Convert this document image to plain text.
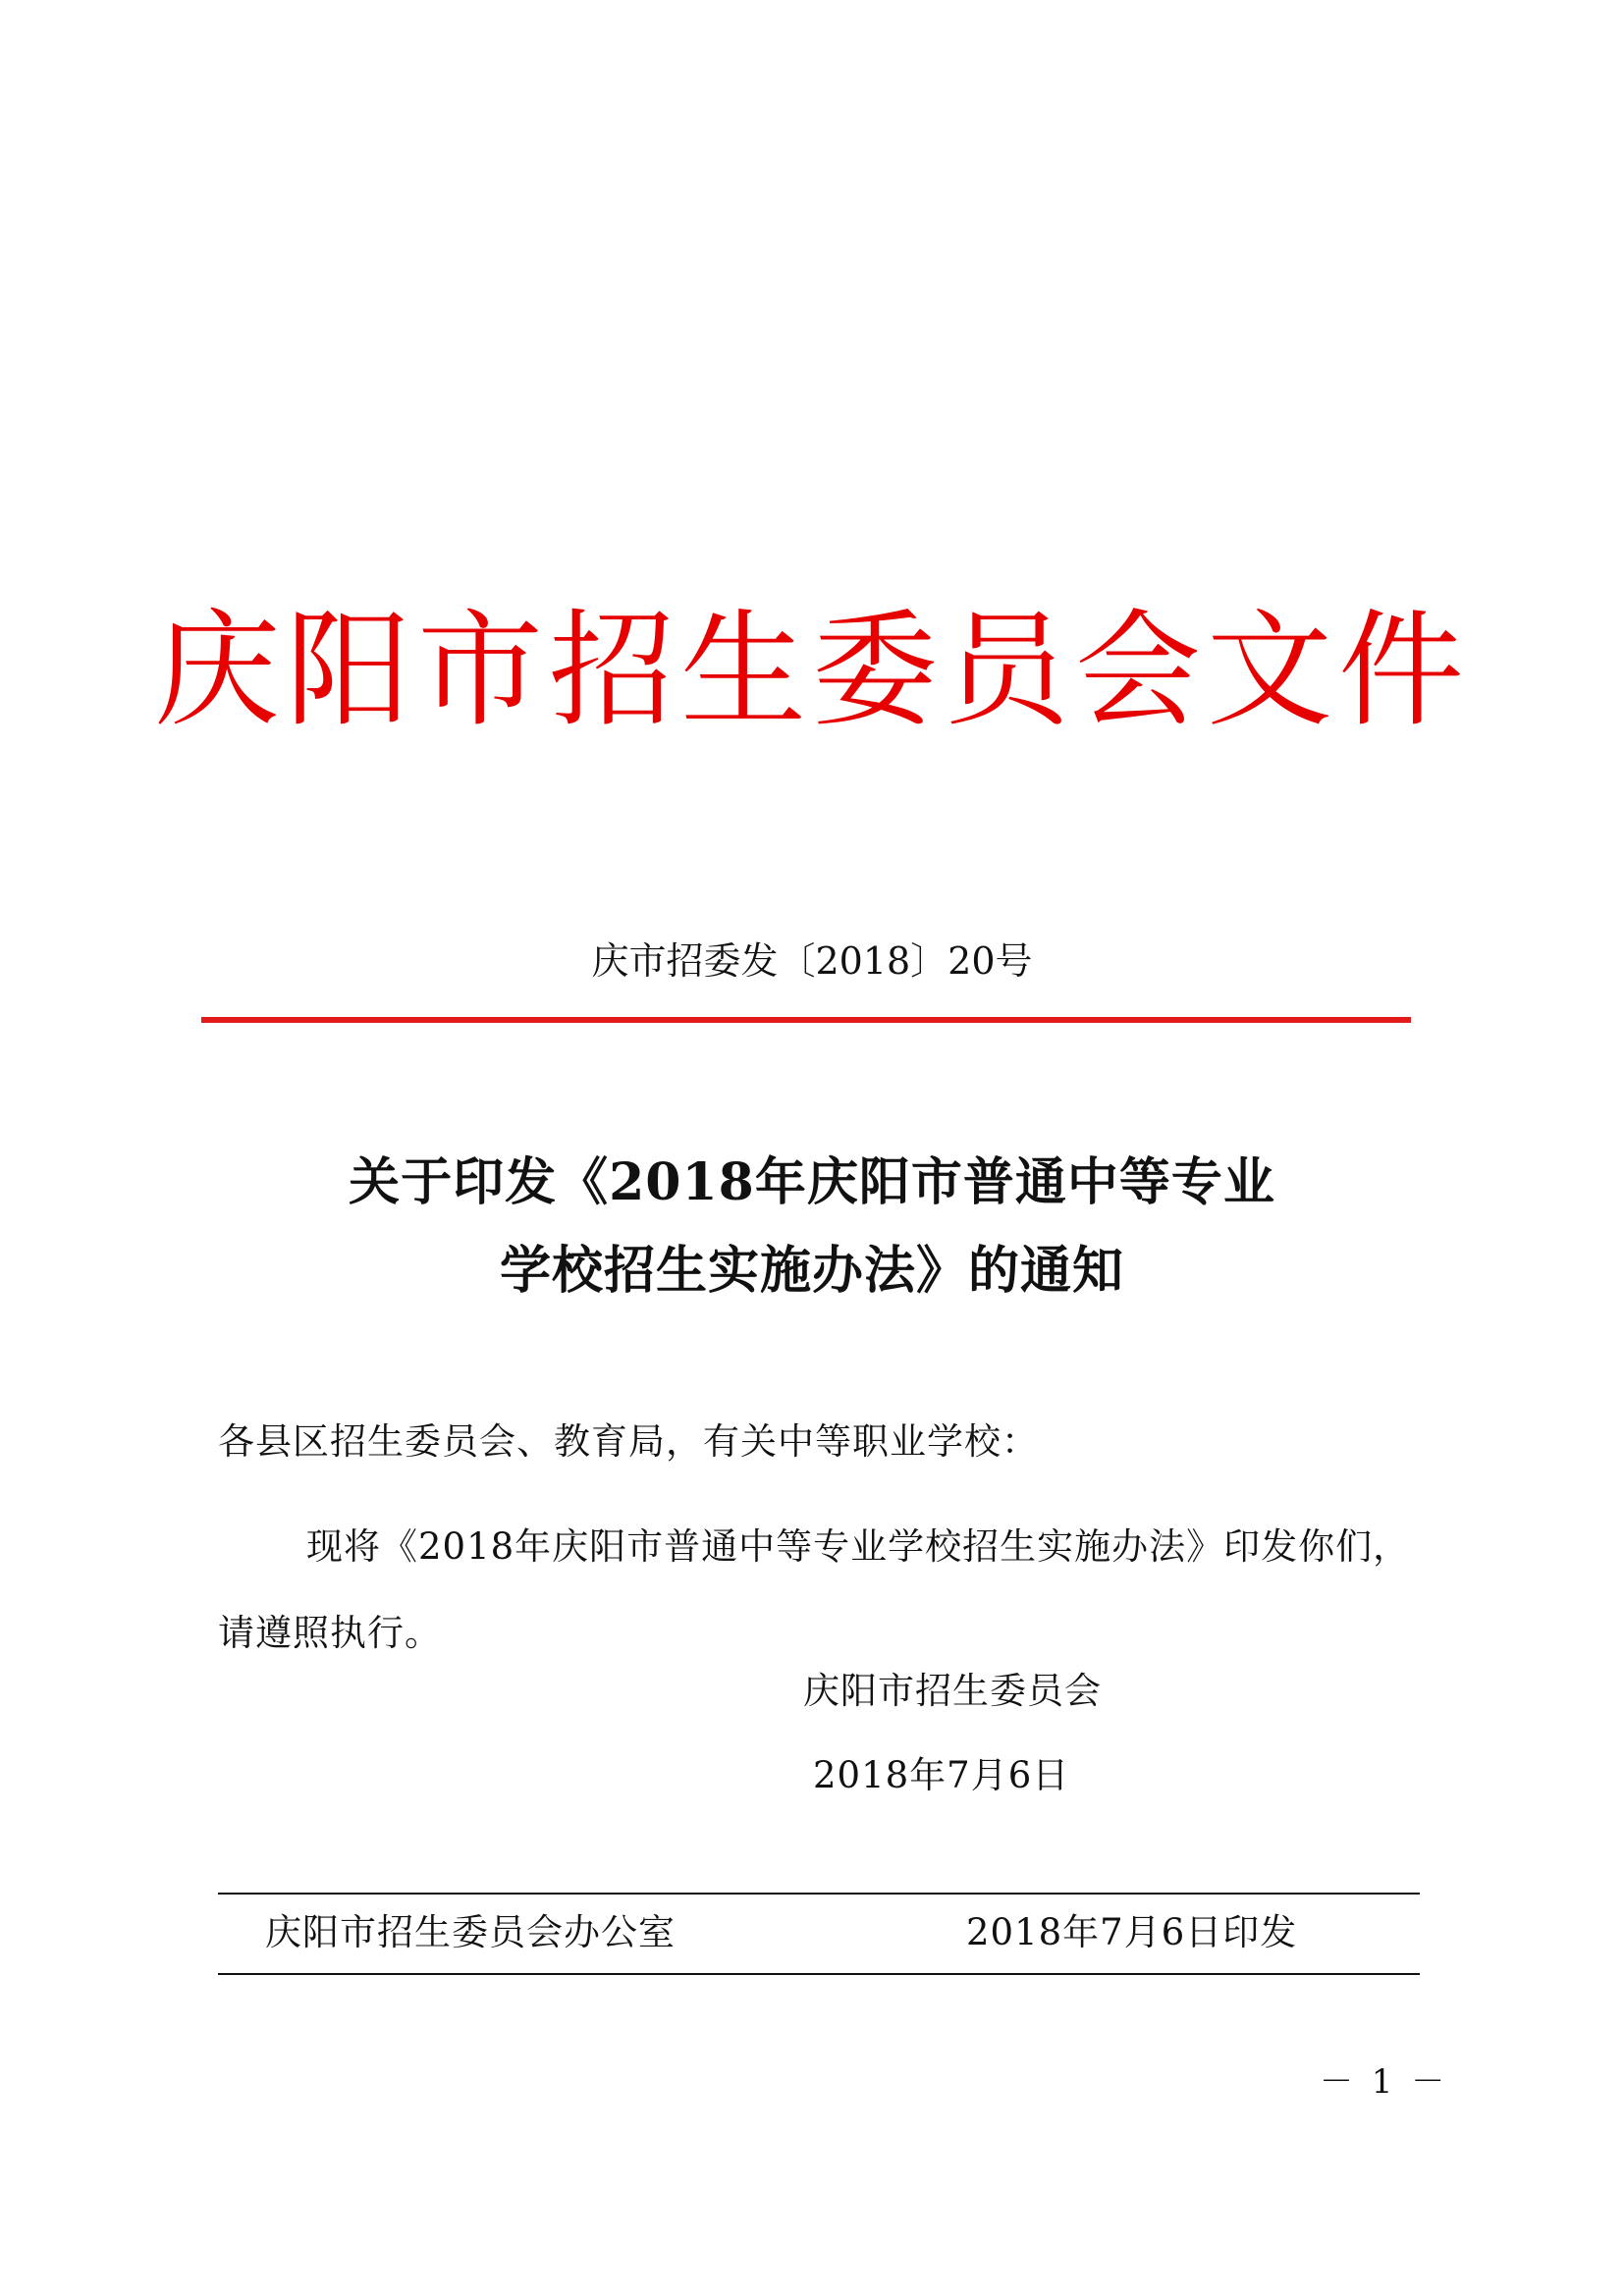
庆阳市招生委员会文件
庆市招委发〔2018〕20号
关于印发《2018年庆阳市普通中等专业
学校招生实施办法》的通知
各县区招生委员会、教育局，有关中等职业学校：
现将《2018年庆阳市普通中等专业学校招生实施办法》印发你们，请遵照执行。
庆阳市招生委员会
2018年7月6日
庆阳市招生委员会办公室	2018年7月6日印发
－ 1 －
